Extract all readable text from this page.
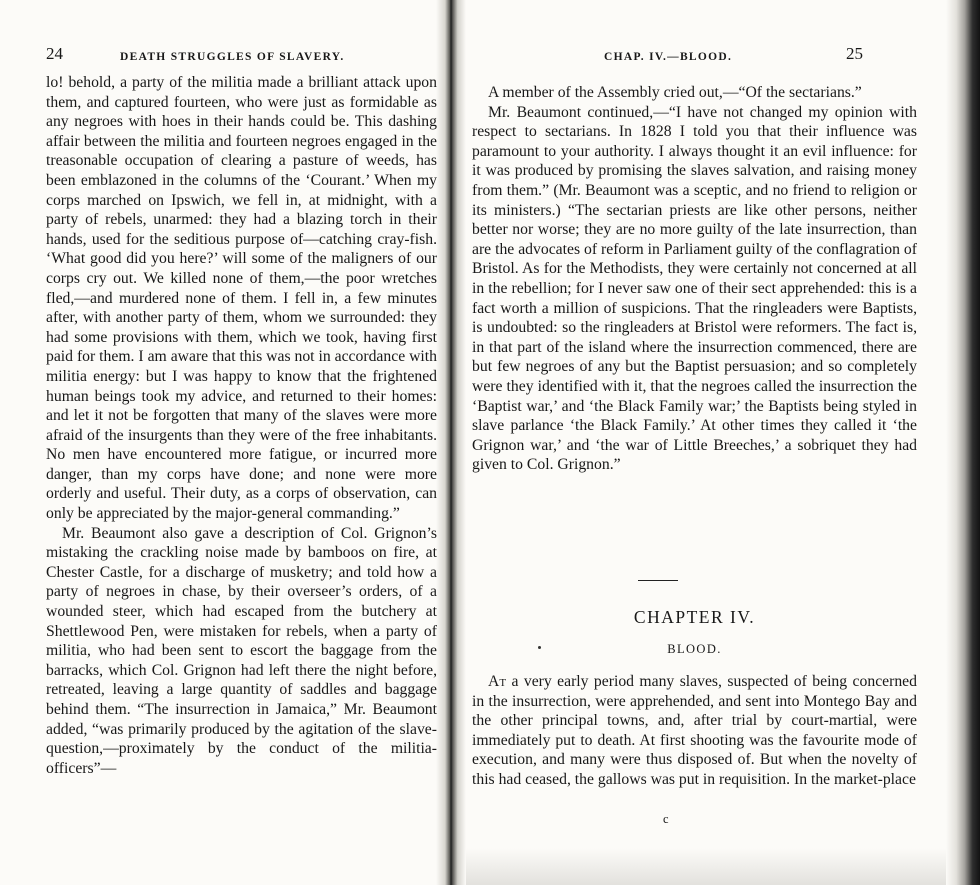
24	DEATH STRUGGLES OF SLAVERY.

lo! behold, a party of the militia made a brilliant attack upon them, and captured fourteen, who were just as formidable as any negroes with hoes in their hands could be. This dashing affair between the militia and fourteen negroes engaged in the treasonable occupation of clearing a pasture of weeds, has been emblazoned in the columns of the ‘Courant.’ When my corps marched on Ipswich, we fell in, at midnight, with a party of rebels, unarmed: they had a blazing torch in their hands, used for the seditious purpose of—catching cray-fish. ‘What good did you here?’ will some of the maligners of our corps cry out. We killed none of them,—the poor wretches fled,—and murdered none of them. I fell in, a few minutes after, with another party of them, whom we surrounded: they had some provisions with them, which we took, having first paid for them. I am aware that this was not in accordance with militia energy: but I was happy to know that the frightened human beings took my advice, and returned to their homes: and let it not be forgotten that many of the slaves were more afraid of the insurgents than they were of the free inhabitants. No men have encountered more fatigue, or incurred more danger, than my corps have done; and none were more orderly and useful. Their duty, as a corps of observation, can only be appreciated by the major-general commanding.”

Mr. Beaumont also gave a description of Col. Grignon’s mistaking the crackling noise made by bamboos on fire, at Chester Castle, for a discharge of musketry; and told how a party of negroes in chase, by their overseer’s orders, of a wounded steer, which had escaped from the butchery at Shettlewood Pen, were mistaken for rebels, when a party of militia, who had been sent to escort the baggage from the barracks, which Col. Grignon had left there the night before, retreated, leaving a large quantity of saddles and baggage behind them. “The insurrection in Jamaica,” Mr. Beaumont added, “was primarily produced by the agitation of the slave-question,—proximately by the conduct of the militia-officers”—

CHAP. IV.—BLOOD.	25

A member of the Assembly cried out,—“Of the sectarians.”

Mr. Beaumont continued,—“I have not changed my opinion with respect to sectarians. In 1828 I told you that their influence was paramount to your authority. I always thought it an evil influence: for it was produced by promising the slaves salvation, and raising money from them.” (Mr. Beaumont was a sceptic, and no friend to religion or its ministers.) “The sectarian priests are like other persons, neither better nor worse; they are no more guilty of the late insurrection, than are the advocates of reform in Parliament guilty of the conflagration of Bristol. As for the Methodists, they were certainly not concerned at all in the rebellion; for I never saw one of their sect apprehended: this is a fact worth a million of suspicions. That the ringleaders were Baptists, is undoubted: so the ringleaders at Bristol were reformers. The fact is, in that part of the island where the insurrection commenced, there are but few negroes of any but the Baptist persuasion; and so completely were they identified with it, that the negroes called the insurrection the ‘Baptist war,’ and ‘the Black Family war;’ the Baptists being styled in slave parlance ‘the Black Family.’ At other times they called it ‘the Grignon war,’ and ‘the war of Little Breeches,’ a sobriquet they had given to Col. Grignon.”

CHAPTER IV.
BLOOD.

At a very early period many slaves, suspected of being concerned in the insurrection, were apprehended, and sent into Montego Bay and the other principal towns, and, after trial by court-martial, were immediately put to death. At first shooting was the favourite mode of execution, and many were thus disposed of. But when the novelty of this had ceased, the gallows was put in requisition. In the market-place

c
